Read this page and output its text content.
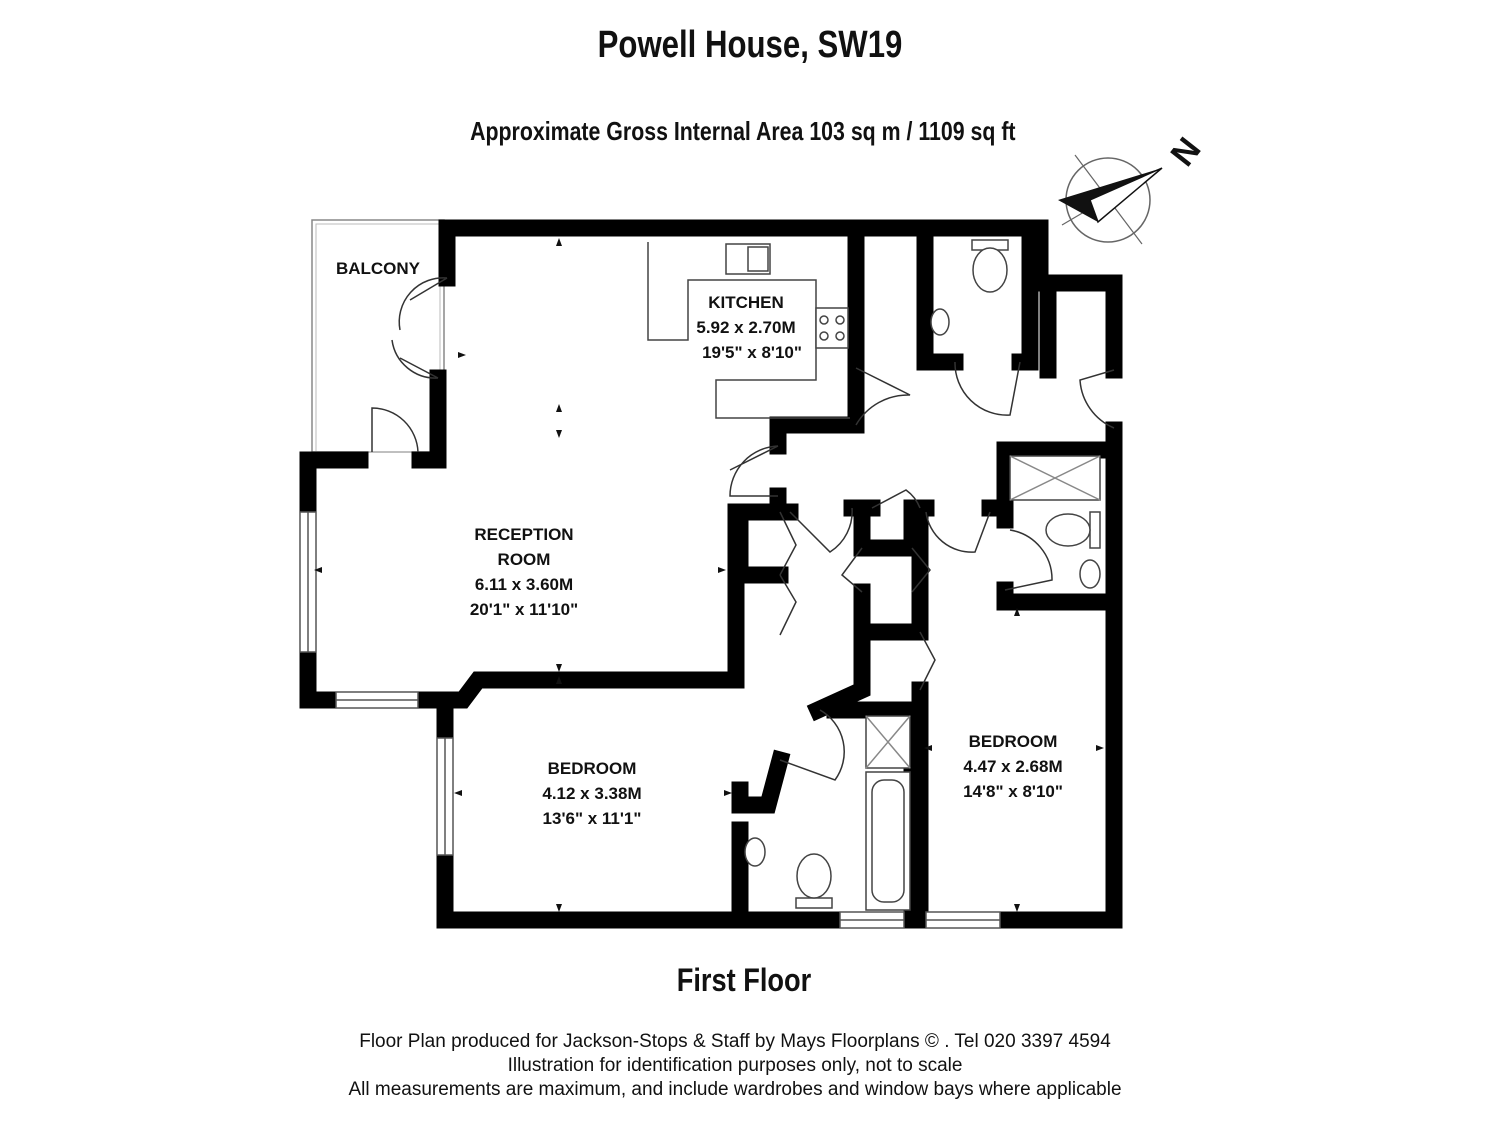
Powell House, SW19
Approximate Gross Internal Area 103 sq m / 1109 sq ft	N
BALCONY
KITCHEN
5.92 x 2.70M
19'5" x 8'10"
RECEPTION
ROOM
6.11 x 3.60M
20'1" x 11'10"
BEDROOM
4.12 x 3.38M
13'6" x 11'1"
BEDROOM
4.47 x 2.68M
14'8" x 8'10"
First Floor
Floor Plan produced for Jackson-Stops & Staff by Mays Floorplans © . Tel 020 3397 4594
Illustration for identification purposes only, not to scale
All measurements are maximum, and include wardrobes and window bays where applicable
